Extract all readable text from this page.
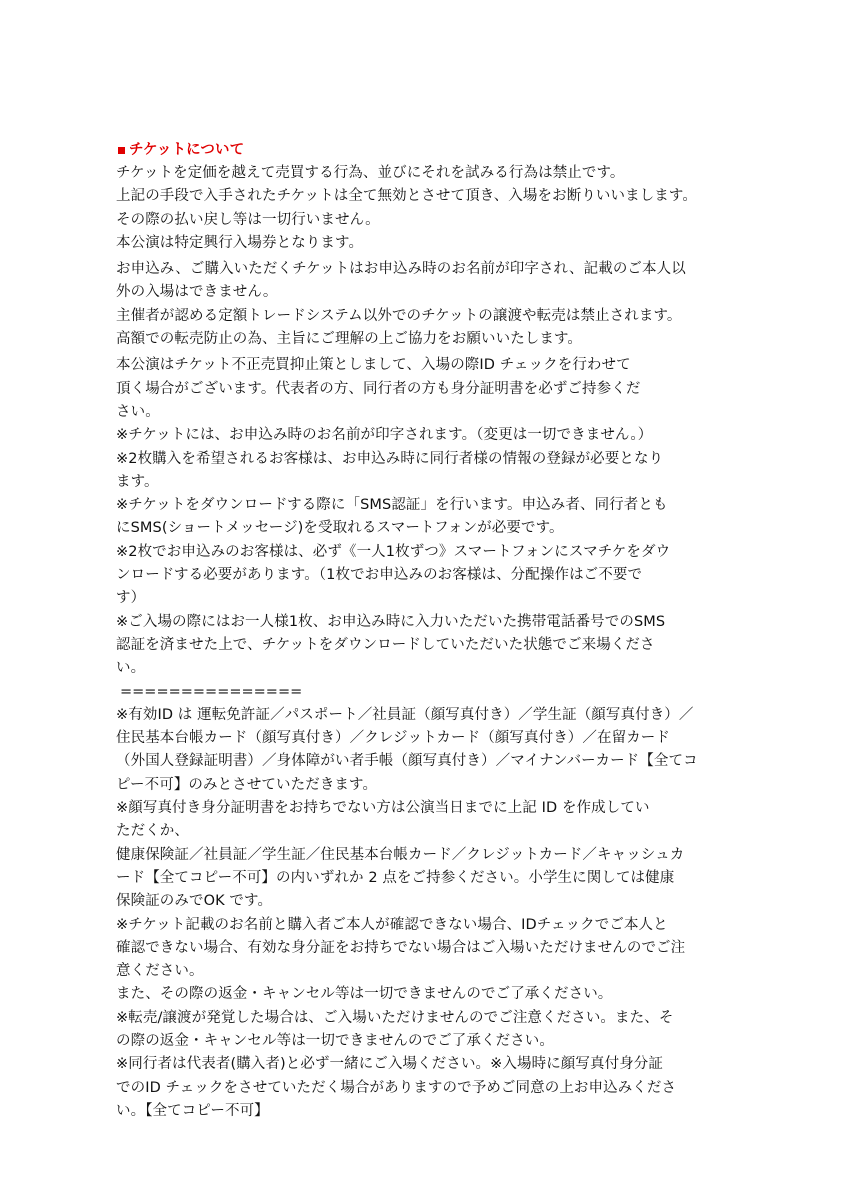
チケットについて
チケットを定価を越えて売買する行為、並びにそれを試みる行為は禁止です。
上記の手段で入手されたチケットは全て無効とさせて頂き、入場をお断りいいまします。
その際の払い戻し等は一切行いません。
本公演は特定興行入場券となります。
お申込み、ご購入いただくチケットはお申込み時のお名前が印字され、記載のご本人以
外の入場はできません。
主催者が認める定額トレードシステム以外でのチケットの譲渡や転売は禁止されます。
高額での転売防止の為、主旨にご理解の上ご協力をお願いいたします。
本公演はチケット不正売買抑止策としまして、入場の際ID チェックを行わせて
頂く場合がございます。代表者の方、同行者の方も身分証明書を必ずご持参くだ
さい。
※チケットには、お申込み時のお名前が印字されます。（変更は一切できません。）
※2枚購入を希望されるお客様は、お申込み時に同行者様の情報の登録が必要となり
ます。
※チケットをダウンロードする際に「SMS認証」を行います。申込み者、同行者とも
にSMS(ショートメッセージ)を受取れるスマートフォンが必要です。
※2枚でお申込みのお客様は、必ず《一人1枚ずつ》スマートフォンにスマチケをダウ
ンロードする必要があります。（1枚でお申込みのお客様は、分配操作はご不要で
す）
※ご入場の際にはお一人様1枚、お申込み時に入力いただいた携帯電話番号でのSMS
認証を済ませた上で、チケットをダウンロードしていただいた状態でご来場くださ
い。
===============
※有効ID は 運転免許証／パスポート／社員証（顔写真付き）／学生証（顔写真付き）／
住民基本台帳カード（顔写真付き）／クレジットカード（顔写真付き）／在留カード
（外国人登録証明書）／身体障がい者手帳（顔写真付き）／マイナンバーカード【全てコ
ピー不可】のみとさせていただきます。
※顔写真付き身分証明書をお持ちでない方は公演当日までに上記 ID を作成してい
ただくか、
健康保険証／社員証／学生証／住民基本台帳カード／クレジットカード／キャッシュカ
ード【全てコピー不可】の内いずれか 2 点をご持参ください。小学生に関しては健康
保険証のみでOK です。
※チケット記載のお名前と購入者ご本人が確認できない場合、IDチェックでご本人と
確認できない場合、有効な身分証をお持ちでない場合はご入場いただけませんのでご注
意ください。
また、その際の返金・キャンセル等は一切できませんのでご了承ください。
※転売/譲渡が発覚した場合は、ご入場いただけませんのでご注意ください。また、そ
の際の返金・キャンセル等は一切できませんのでご了承ください。
※同行者は代表者(購入者)と必ず一緒にご入場ください。※入場時に顔写真付身分証
でのID チェックをさせていただく場合がありますので予めご同意の上お申込みくださ
い。【全てコピー不可】
